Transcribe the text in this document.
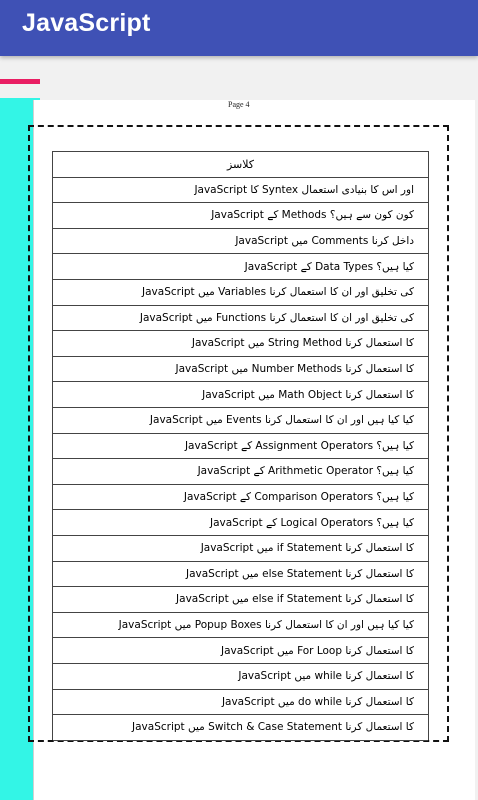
JavaScript
Page 4
کلاسز
JavaScript کا Syntex اور اس کا بنیادی استعمال
JavaScript کے Methods کون کون سے ہیں؟
JavaScript میں Comments داخل کرنا
JavaScript کے Data Types کیا ہیں؟
JavaScript میں Variables کی تخلیق اور ان کا استعمال کرنا
JavaScript میں Functions کی تخلیق اور ان کا استعمال کرنا
JavaScript میں String Method کا استعمال کرنا
JavaScript میں Number Methods کا استعمال کرنا
JavaScript میں Math Object کا استعمال کرنا
JavaScript میں Events کیا کیا ہیں اور ان کا استعمال کرنا
JavaScript کے Assignment Operators کیا ہیں؟
JavaScript کے Arithmetic Operator کیا ہیں؟
JavaScript کے Comparison Operators کیا ہیں؟
JavaScript کے Logical Operators کیا ہیں؟
JavaScript میں if Statement کا استعمال کرنا
JavaScript میں else Statement کا استعمال کرنا
JavaScript میں else if Statement کا استعمال کرنا
JavaScript میں Popup Boxes کیا کیا ہیں اور ان کا استعمال کرنا
JavaScript میں For Loop کا استعمال کرنا
JavaScript میں while کا استعمال کرنا
JavaScript میں do while کا استعمال کرنا
JavaScript میں Switch & Case Statement کا استعمال کرنا
